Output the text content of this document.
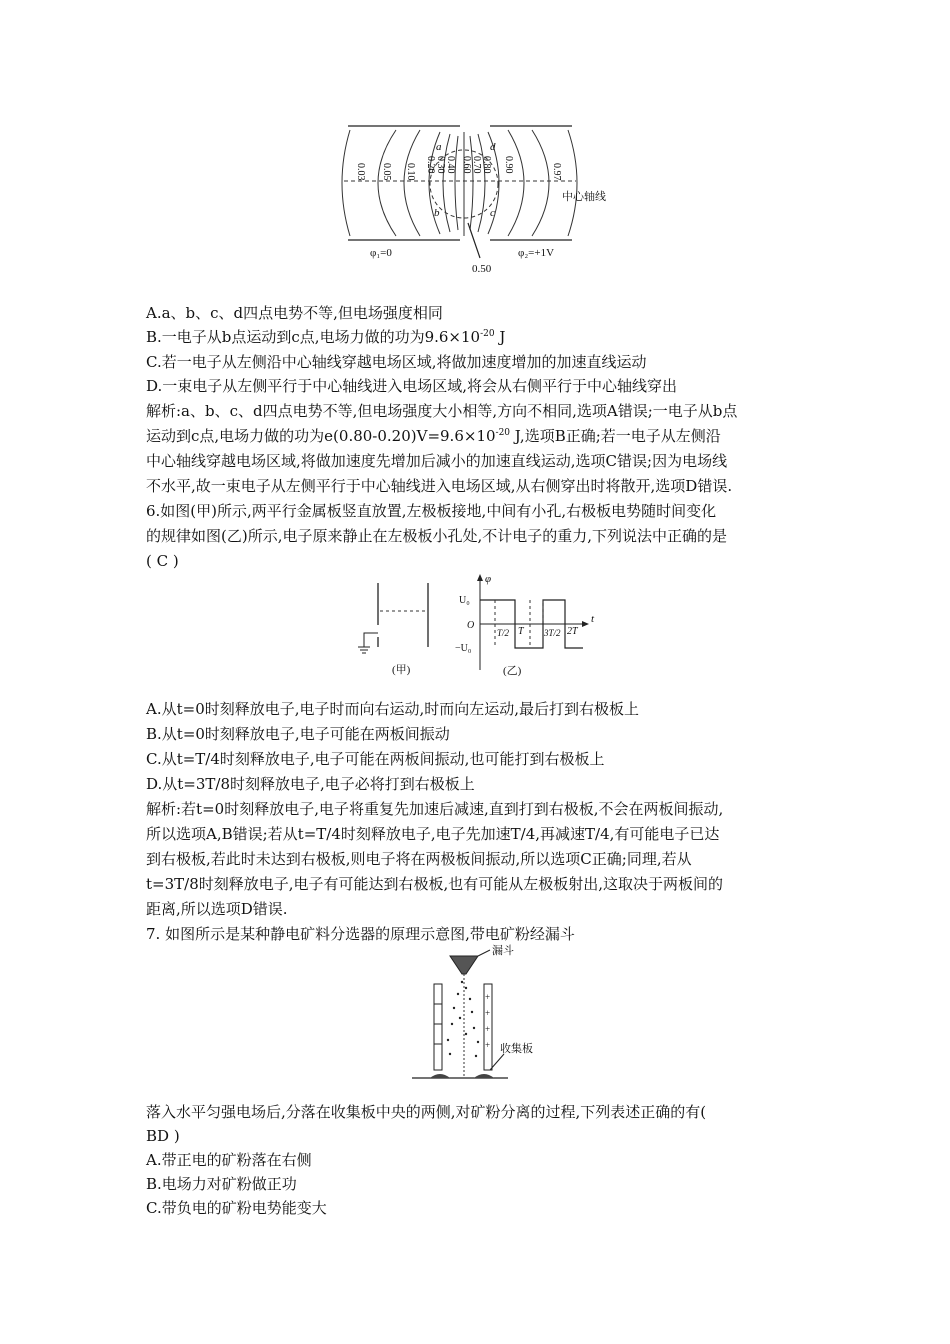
0.03 0.05 0.10 0.20 0.30 0.40 0.60 0.70 0.80 0.90	0.97
a
b	c
d
中心轴线
φ₁=0	φ₂=+1V
0.50
A.a、b、c、d四点电势不等,但电场强度相同
B.一电子从b点运动到c点,电场力做的功为$9.6\times 10^{-20}$ J
C.若一电子从左侧沿中心轴线穿越电场区域,将做加速度增加的加速直线运动
D.一束电子从左侧平行于中心轴线进入电场区域,将会从右侧平行于中心轴线穿出
解析:a、b、c、d四点电势不等,但电场强度大小相等,方向不相同,选项A错误;一电子从b点
运动到c点,电场力做的功为$e(0.80-0.20)V=9.6\times 10^{-20}$ J,选项B正确;若一电子从左侧沿
中心轴线穿越电场区域,将做加速度先增加后减小的加速直线运动,选项C错误;因为电场线
不水平,故一束电子从左侧平行于中心轴线进入电场区域,从右侧穿出时将散开,选项D错误.
6.如图(甲)所示,两平行金属板竖直放置,左极板接地,中间有小孔,右极板电势随时间变化
的规律如图(乙)所示,电子原来静止在左极板小孔处,不计电子的重力,下列说法中正确的是
( C )
(甲)
φ
t
U₀
−U₀
O
T/2 T 3T/2 2T
(乙)
A.从t=0时刻释放电子,电子时而向右运动,时而向左运动,最后打到右极板上
B.从t=0时刻释放电子,电子可能在两板间振动
C.从t=T/4时刻释放电子,电子可能在两板间振动,也可能打到右极板上
D.从t=3T/8时刻释放电子,电子必将打到右极板上
解析:若t=0时刻释放电子,电子将重复先加速后减速,直到打到右极板,不会在两板间振动,
所以选项A,B错误;若从t=T/4时刻释放电子,电子先加速T/4,再减速T/4,有可能电子已达
到右极板,若此时未达到右极板,则电子将在两极板间振动,所以选项C正确;同理,若从
t=3T/8时刻释放电子,电子有可能达到右极板,也有可能从左极板射出,这取决于两板间的
距离,所以选项D错误.
7. 如图所示是某种静电矿料分选器的原理示意图,带电矿粉经漏斗
漏斗
+
+
+
+ 收集板
落入水平匀强电场后,分落在收集板中央的两侧,对矿粉分离的过程,下列表述正确的有(
BD )
A.带正电的矿粉落在右侧
B.电场力对矿粉做正功
C.带负电的矿粉电势能变大
